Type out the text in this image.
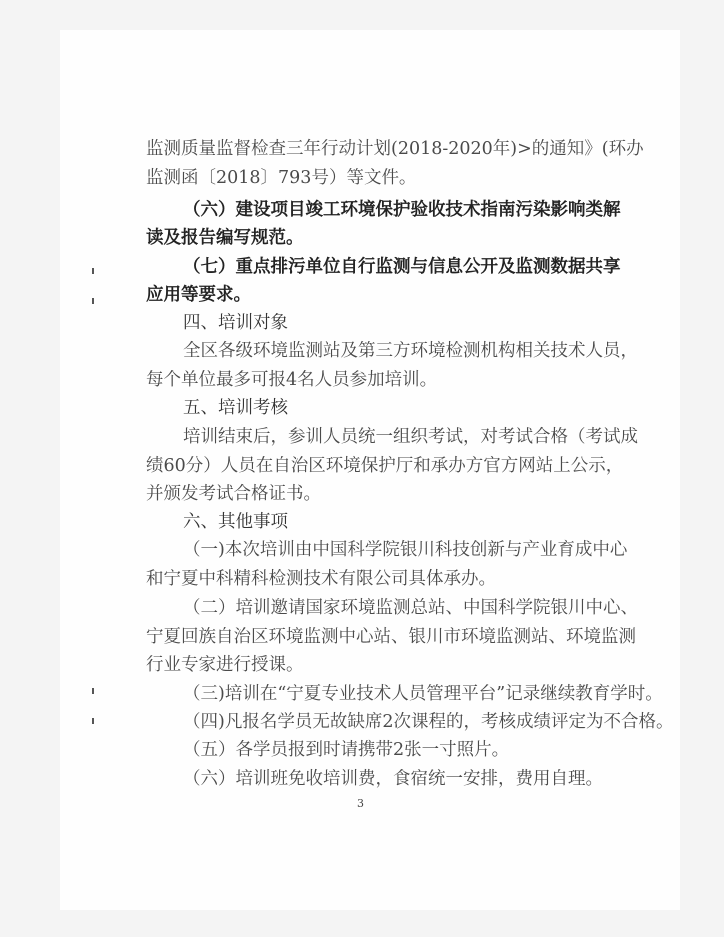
监测质量监督检查三年行动计划(2018-2020年)>的通知》(环办
监测函〔2018〕793号）等文件。
（六）建设项目竣工环境保护验收技术指南污染影响类解
读及报告编写规范。
（七）重点排污单位自行监测与信息公开及监测数据共享
应用等要求。
四、培训对象
全区各级环境监测站及第三方环境检测机构相关技术人员，
每个单位最多可报4名人员参加培训。
五、培训考核
培训结束后，参训人员统一组织考试，对考试合格（考试成
绩60分）人员在自治区环境保护厅和承办方官方网站上公示，
并颁发考试合格证书。
六、其他事项
（一)本次培训由中国科学院银川科技创新与产业育成中心
和宁夏中科精科检测技术有限公司具体承办。
（二）培训邀请国家环境监测总站、中国科学院银川中心、
宁夏回族自治区环境监测中心站、银川市环境监测站、环境监测
行业专家进行授课。
（三)培训在“宁夏专业技术人员管理平台”记录继续教育学时。
（四)凡报名学员无故缺席2次课程的，考核成绩评定为不合格。
（五）各学员报到时请携带2张一寸照片。
（六）培训班免收培训费，食宿统一安排，费用自理。
3
